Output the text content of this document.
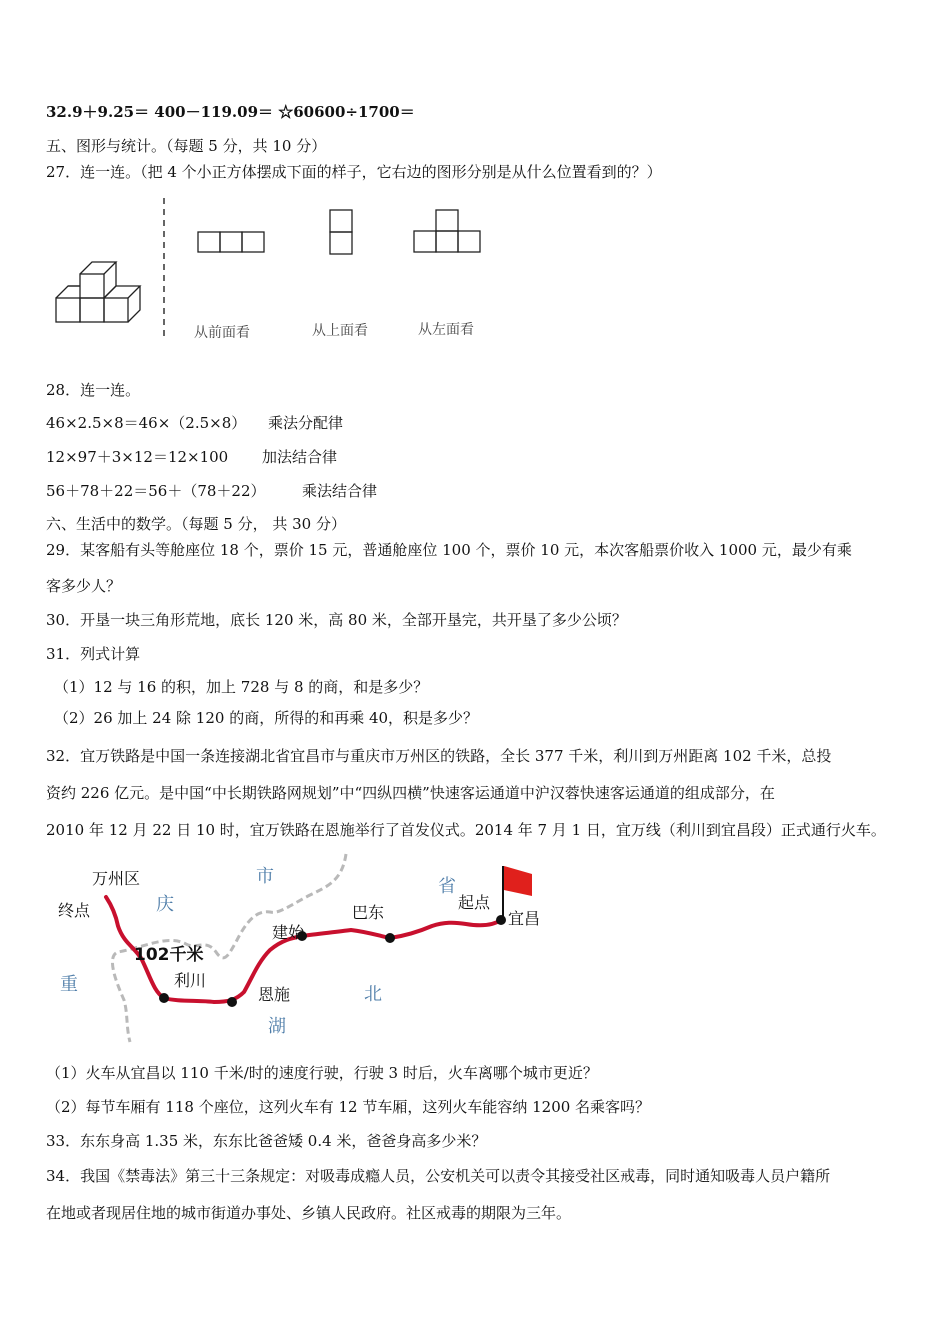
32.9＋9.25＝ 400－119.09＝ ☆60600÷1700＝
五、图形与统计。（每题 5 分，共 10 分）
27．连一连。（把 4 个小正方体摆成下面的样子，它右边的图形分别是从什么位置看到的？）
从前面看	从上面看	从左面看
28．连一连。
46×2.5×8＝46×（2.5×8） 乘法分配律
12×97＋3×12＝12×100 加法结合律
56＋78＋22＝56＋（78＋22） 乘法结合律
六、生活中的数学。（每题 5 分， 共 30 分）
29．某客船有头等舱座位 18 个，票价 15 元，普通舱座位 100 个，票价 10 元，本次客船票价收入 1000 元，最少有乘
客多少人？
30．开垦一块三角形荒地，底长 120 米，高 80 米，全部开垦完，共开垦了多少公顷？
31．列式计算
（1）12 与 16 的积，加上 728 与 8 的商，和是多少？
（2）26 加上 24 除 120 的商，所得的和再乘 40，积是多少？
32．宜万铁路是中国一条连接湖北省宜昌市与重庆市万州区的铁路，全长 377 千米，利川到万州距离 102 千米，总投
资约 226 亿元。是中国“中长期铁路网规划”中“四纵四横”快速客运通道中沪汉蓉快速客运通道的组成部分，在
2010 年 12 月 22 日 10 时，宜万铁路在恩施举行了首发仪式。2014 年 7 月 1 日，宜万线（利川到宜昌段）正式通行火车。
万州区
终点	庆
市	省
重
湖
北
102千米
利川
恩施
建始
巴东
起点
宜昌
（1）火车从宜昌以 110 千米/时的速度行驶，行驶 3 时后，火车离哪个城市更近？
（2）每节车厢有 118 个座位，这列火车有 12 节车厢，这列火车能容纳 1200 名乘客吗？
33．东东身高 1.35 米，东东比爸爸矮 0.4 米，爸爸身高多少米？
34．我国《禁毒法》第三十三条规定：对吸毒成瘾人员，公安机关可以责令其接受社区戒毒，同时通知吸毒人员户籍所
在地或者现居住地的城市街道办事处、乡镇人民政府。社区戒毒的期限为三年。
